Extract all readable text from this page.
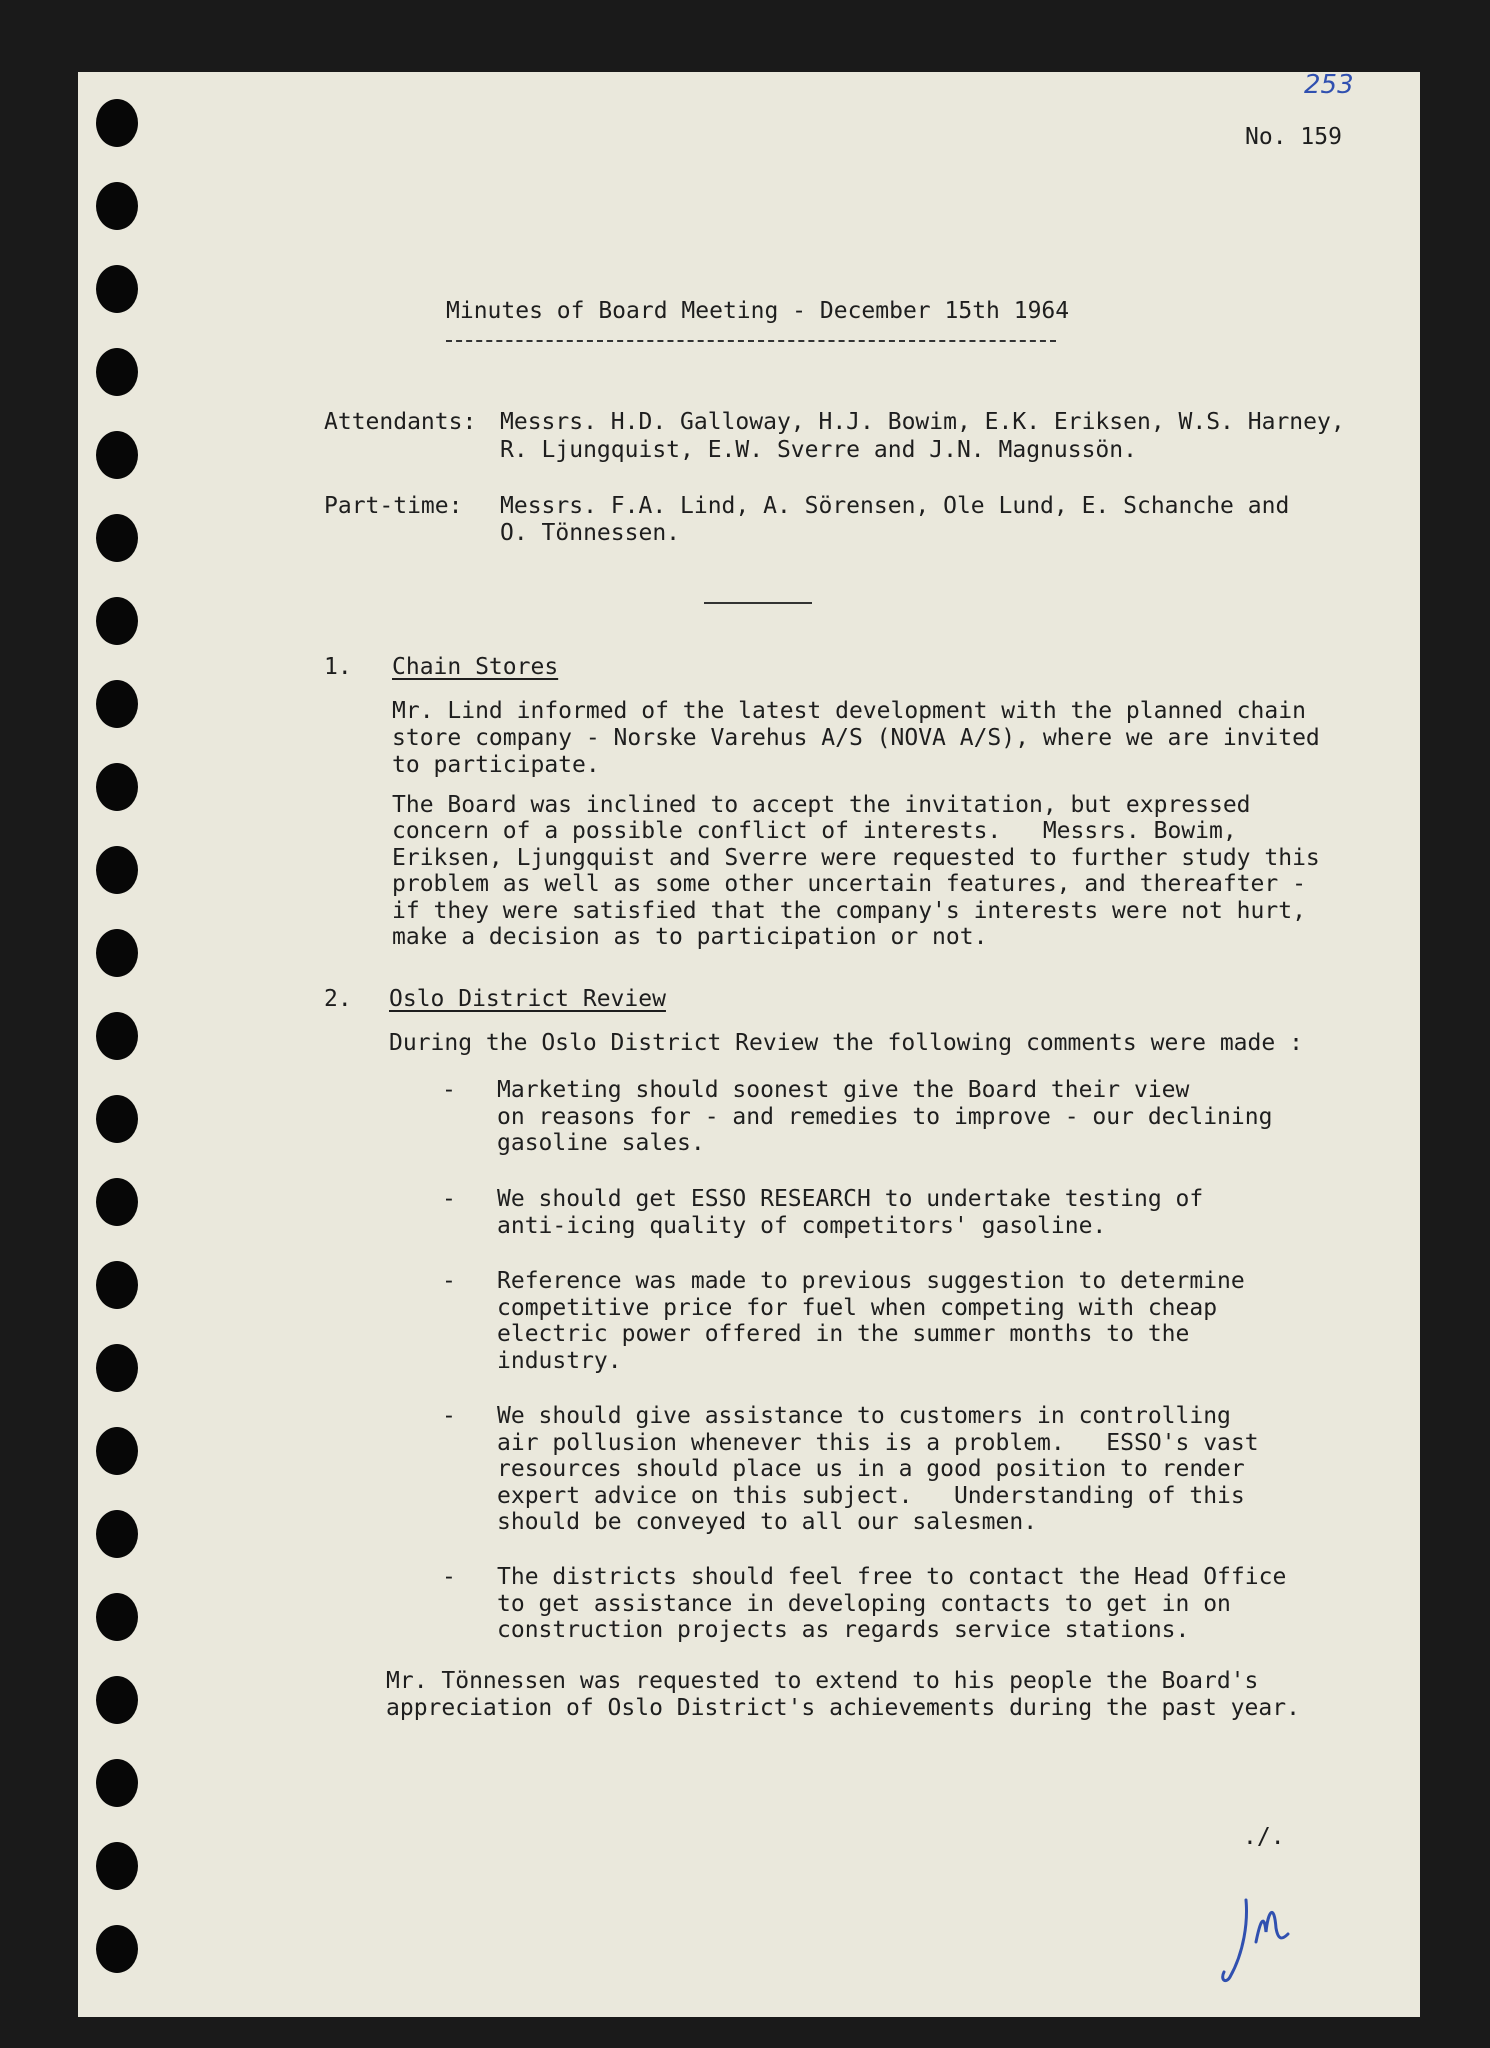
253
No. 159
Minutes of Board Meeting - December 15th 1964
Attendants: Messrs. H.D. Galloway, H.J. Bowim, E.K. Eriksen, W.S. Harney,
R. Ljungquist, E.W. Sverre and J.N. Magnussön.
Part-time: Messrs. F.A. Lind, A. Sörensen, Ole Lund, E. Schanche and
O. Tönnessen.
1. Chain Stores
Mr. Lind informed of the latest development with the planned chain
store company - Norske Varehus A/S (NOVA A/S), where we are invited
to participate.
The Board was inclined to accept the invitation, but expressed
concern of a possible conflict of interests.   Messrs. Bowim,
Eriksen, Ljungquist and Sverre were requested to further study this
problem as well as some other uncertain features, and thereafter -
if they were satisfied that the company's interests were not hurt,
make a decision as to participation or not.
2. Oslo District Review
During the Oslo District Review the following comments were made :
- Marketing should soonest give the Board their view
on reasons for - and remedies to improve - our declining
gasoline sales.
- We should get ESSO RESEARCH to undertake testing of
anti-icing quality of competitors' gasoline.
- Reference was made to previous suggestion to determine
competitive price for fuel when competing with cheap
electric power offered in the summer months to the
industry.
- We should give assistance to customers in controlling
air pollusion whenever this is a problem.   ESSO's vast
resources should place us in a good position to render
expert advice on this subject.   Understanding of this
should be conveyed to all our salesmen.
- The districts should feel free to contact the Head Office
to get assistance in developing contacts to get in on
construction projects as regards service stations.
Mr. Tönnessen was requested to extend to his people the Board's
appreciation of Oslo District's achievements during the past year.
./.
